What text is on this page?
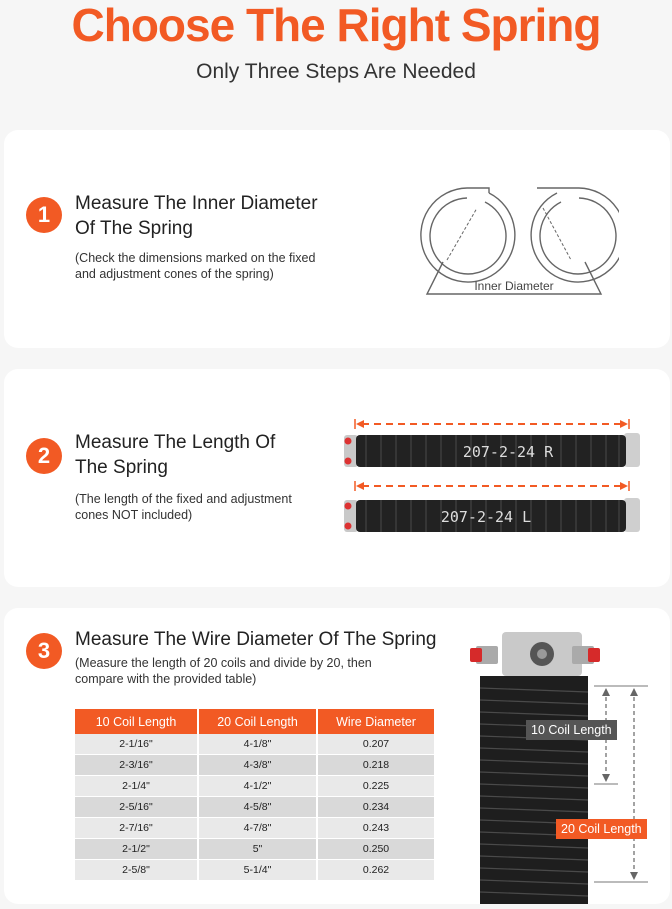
Choose The Right Spring
Only Three Steps Are Needed
1	Measure The Inner Diameter
Of The Spring
(Check the dimensions marked on the fixed
and adjustment cones of the spring)
Inner Diameter
2
Measure The Length Of
The Spring
(The length of the fixed and adjustment
cones NOT included)
207-2-24 R
207-2-24 L
3	Measure The Wire Diameter Of The Spring
(Measure the length of 20 coils and divide by 20, then
compare with the provided table)
10 Coil Length
20 Coil Length
10 Coil Length	20 Coil Length	Wire Diameter
2-1/16"	4-1/8"	0.207
2-3/16"	4-3/8"	0.218
2-1/4"	4-1/2"	0.225
2-5/16"	4-5/8"	0.234
2-7/16"	4-7/8"	0.243
2-1/2"	5"	0.250
2-5/8"	5-1/4"	0.262
